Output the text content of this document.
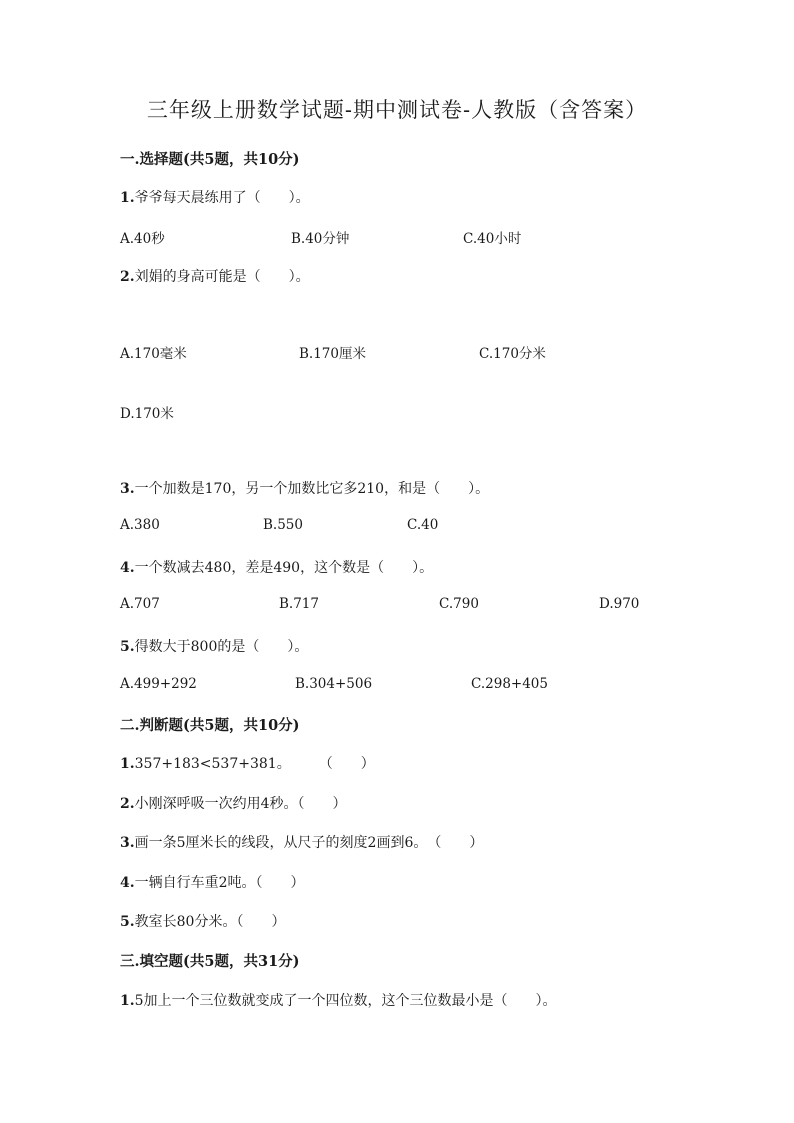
三年级上册数学试题-期中测试卷-人教版（含答案）
一.选择题(共5题，共10分)
1.爷爷每天晨练用了（　　）。
A.40秒	B.40分钟	C.40小时
2.刘娟的身高可能是（　　）。
A.170毫米	B.170厘米	C.170分米
D.170米
3.一个加数是170，另一个加数比它多210，和是（　　）。
A.380	B.550	C.40
4.一个数减去480，差是490，这个数是（　　）。
A.707	B.717	C.790	D.970
5.得数大于800的是（　　）。
A.499+292	B.304+506	C.298+405
二.判断题(共5题，共10分)
1.357+183<537+381。　　　（　　）
2.小刚深呼吸一次约用4秒。（　　）
3.画一条5厘米长的线段，从尺子的刻度2画到6。　（　　）
4.一辆自行车重2吨。（　　）
5.教室长80分米。（　　）
三.填空题(共5题，共31分)
1.5加上一个三位数就变成了一个四位数，这个三位数最小是（　　）。
